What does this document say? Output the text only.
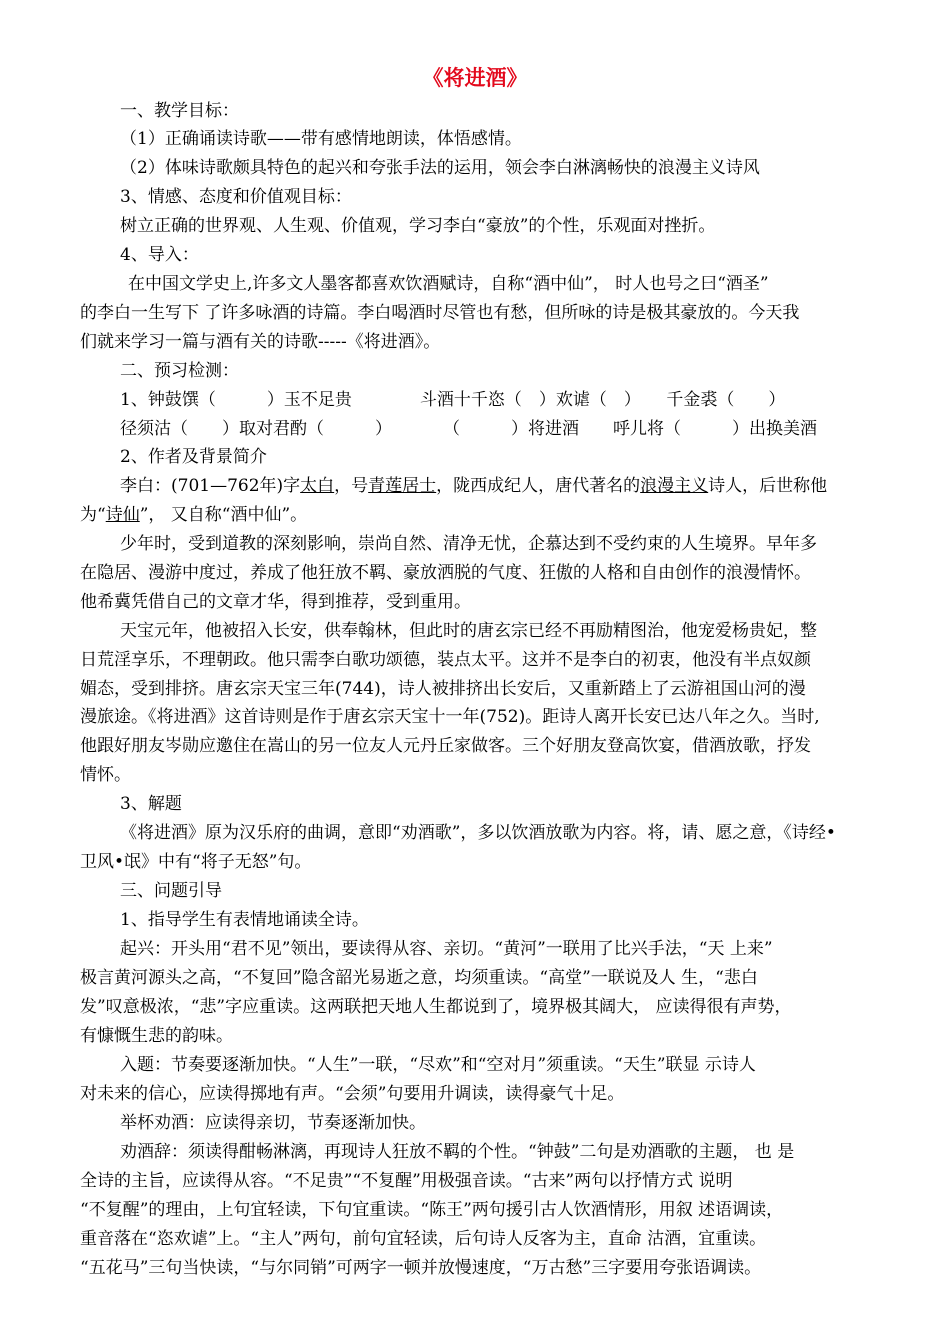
《将进酒》
一、教学目标：
（1）正确诵读诗歌——带有感情地朗读，体悟感情。
（2）体味诗歌颇具特色的起兴和夸张手法的运用，领会李白淋漓畅快的浪漫主义诗风
3、情感、态度和价值观目标：
树立正确的世界观、人生观、价值观，学习李白“豪放”的个性，乐观面对挫折。
4、导入：
在中国文学史上,许多文人墨客都喜欢饮酒赋诗，自称“酒中仙”， 时人也号之曰“酒圣”
的李白一生写下 了许多咏酒的诗篇。李白喝酒时尽管也有愁，但所咏的诗是极其豪放的。今天我
们就来学习一篇与酒有关的诗歌-----《将进酒》。
二、预习检测：
1、钟鼓馔（　　　）玉不足贵　　　　斗酒十千恣（　）欢谑（　）　　千金裘（　　）
径须沽（　　）取对君酌（　　　）　　　　（　　　）将进酒　　呼儿将（　　　）出换美酒
2、作者及背景简介
李白：(701—762年)字太白，号青莲居士，陇西成纪人，唐代著名的浪漫主义诗人，后世称他
为“诗仙”， 又自称“酒中仙”。
少年时，受到道教的深刻影响，崇尚自然、清净无忧，企慕达到不受约束的人生境界。早年多
在隐居、漫游中度过，养成了他狂放不羁、豪放洒脱的气度、狂傲的人格和自由创作的浪漫情怀。
他希冀凭借自己的文章才华，得到推荐，受到重用。
天宝元年，他被招入长安，供奉翰林，但此时的唐玄宗已经不再励精图治，他宠爱杨贵妃，整
日荒淫享乐，不理朝政。他只需李白歌功颂德，装点太平。这并不是李白的初衷，他没有半点奴颜
媚态，受到排挤。唐玄宗天宝三年(744)，诗人被排挤出长安后，又重新踏上了云游祖国山河的漫
漫旅途。《将进酒》这首诗则是作于唐玄宗天宝十一年(752)。距诗人离开长安已达八年之久。当时,
他跟好朋友岑勋应邀住在嵩山的另一位友人元丹丘家做客。三个好朋友登高饮宴，借酒放歌，抒发
情怀。
3、解题
《将进酒》原为汉乐府的曲调，意即“劝酒歌”，多以饮酒放歌为内容。将，请、愿之意，《诗经•
卫风•氓》中有“将子无怒”句。
三、问题引导
1、指导学生有表情地诵读全诗。
起兴：开头用“君不见”领出，要读得从容、亲切。“黄河”一联用了比兴手法，“天 上来”
极言黄河源头之高，“不复回”隐含韶光易逝之意，均须重读。“高堂”一联说及人 生，“悲白
发”叹意极浓，“悲”字应重读。这两联把天地人生都说到了，境界极其阔大， 应读得很有声势，
有慷慨生悲的韵味。
入题：节奏要逐渐加快。“人生”一联，“尽欢”和“空对月”须重读。“天生”联显 示诗人
对未来的信心，应读得掷地有声。“会须”句要用升调读，读得豪气十足。
举杯劝酒：应读得亲切，节奏逐渐加快。
劝酒辞：须读得酣畅淋漓，再现诗人狂放不羁的个性。“钟鼓”二句是劝酒歌的主题， 也 是
全诗的主旨，应读得从容。“不足贵”“不复醒”用极强音读。“古来”两句以抒情方式 说明
“不复醒”的理由，上句宜轻读，下句宜重读。“陈王”两句援引古人饮酒情形，用叙 述语调读，
重音落在“恣欢谑”上。“主人”两句，前句宜轻读，后句诗人反客为主，直命 沽酒，宜重读。
“五花马”三句当快读，“与尔同销”可两字一顿并放慢速度，“万古愁”三字要用夸张语调读。
